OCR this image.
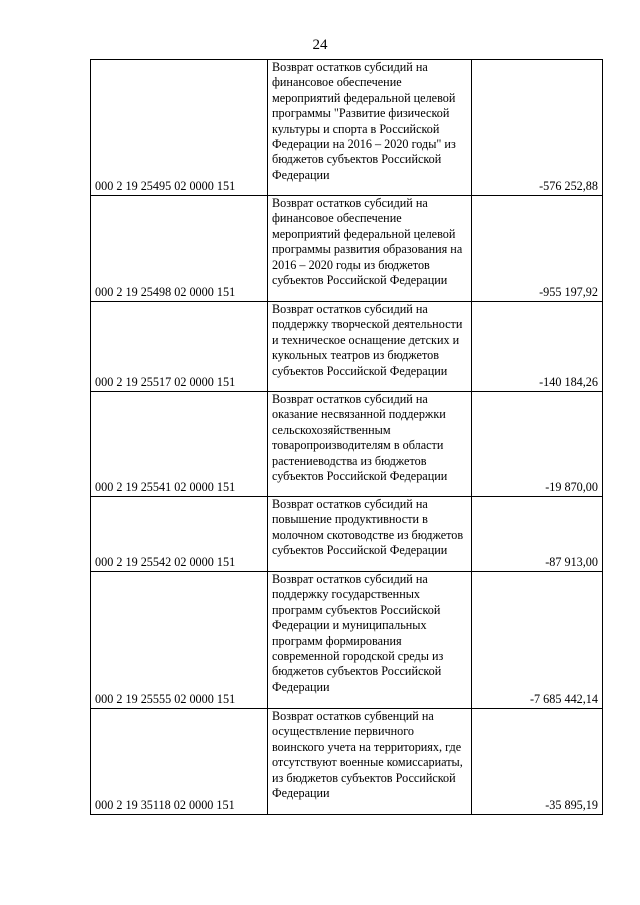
24
000 2 19 25495 02 0000 151	Возврат остатков субсидий на финансовое обеспечение мероприятий федеральной целевой программы "Развитие физической культуры и спорта в Российской Федерации на 2016 – 2020 годы" из бюджетов субъектов Российской Федерации	-576 252,88
000 2 19 25498 02 0000 151	Возврат остатков субсидий на финансовое обеспечение мероприятий федеральной целевой программы развития образования на 2016 – 2020 годы из бюджетов субъектов Российской Федерации	-955 197,92
000 2 19 25517 02 0000 151	Возврат остатков субсидий на поддержку творческой деятельности и техническое оснащение детских и кукольных театров из бюджетов субъектов Российской Федерации	-140 184,26
000 2 19 25541 02 0000 151	Возврат остатков субсидий на оказание несвязанной поддержки сельскохозяйственным товаропроизводителям в области растениеводства из бюджетов субъектов Российской Федерации	-19 870,00
000 2 19 25542 02 0000 151	Возврат остатков субсидий на повышение продуктивности в молочном скотоводстве из бюджетов субъектов Российской Федерации	-87 913,00
000 2 19 25555 02 0000 151	Возврат остатков субсидий на поддержку государственных программ субъектов Российской Федерации и муниципальных программ формирования современной городской среды из бюджетов субъектов Российской Федерации	-7 685 442,14
000 2 19 35118 02 0000 151	Возврат остатков субвенций на осуществление первичного воинского учета на территориях, где отсутствуют военные комиссариаты, из бюджетов субъектов Российской Федерации	-35 895,19
